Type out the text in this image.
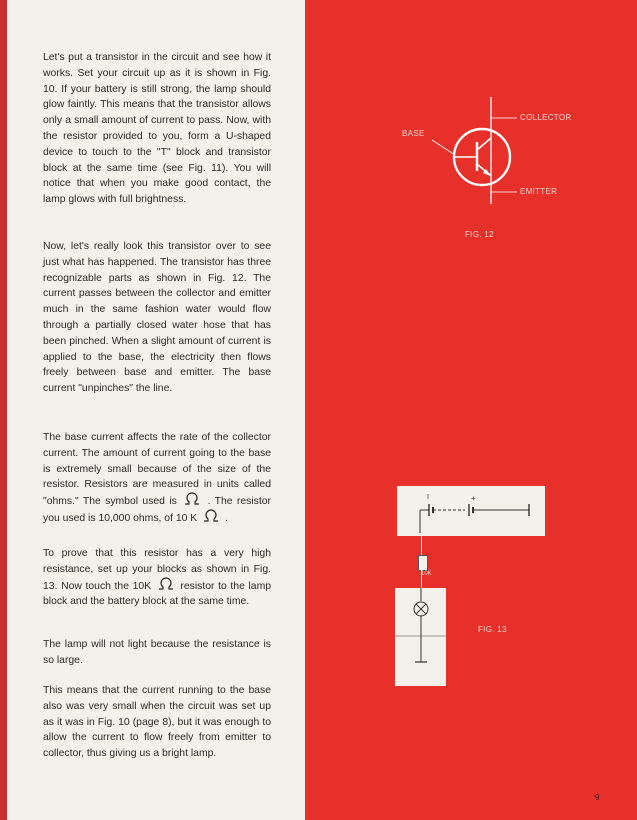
Let's put a transistor in the circuit and see how it works. Set your circuit up as it is shown in Fig. 10. If your battery is still strong, the lamp should glow faintly. This means that the transistor allows only a small amount of current to pass. Now, with the resistor provided to you, form a U-shaped device to touch to the "T" block and transistor block at the same time (see Fig. 11). You will notice that when you make good contact, the lamp glows with full brightness.
Now, let's really look this transistor over to see just what has happened. The transistor has three recognizable parts as shown in Fig. 12. The current passes between the collector and emitter much in the same fashion water would flow through a partially closed water hose that has been pinched. When a slight amount of current is applied to the base, the electricity then flows freely between base and emitter. The base current "unpinches" the line.
The base current affects the rate of the collector current. The amount of current going to the base is extremely small because of the size of the resistor. Resistors are measured in units called "ohms." The symbol used is	. The resistor you used is 10,000 ohms, of 10 K	.
To prove that this resistor has a very high resistance, set up your blocks as shown in Fig. 13. Now touch the 10K	resistor to the lamp block and the battery block at the same time.
The lamp will not light because the resistance is so large.
This means that the current running to the base also was very small when the circuit was set up as it was in Fig. 10 (page 8), but it was enough to allow the current to flow freely from emitter to collector, thus giving us a bright lamp.
BASE
COLLECTOR
EMITTER
FIG. 12
I	+
10K
FIG. 13
9
